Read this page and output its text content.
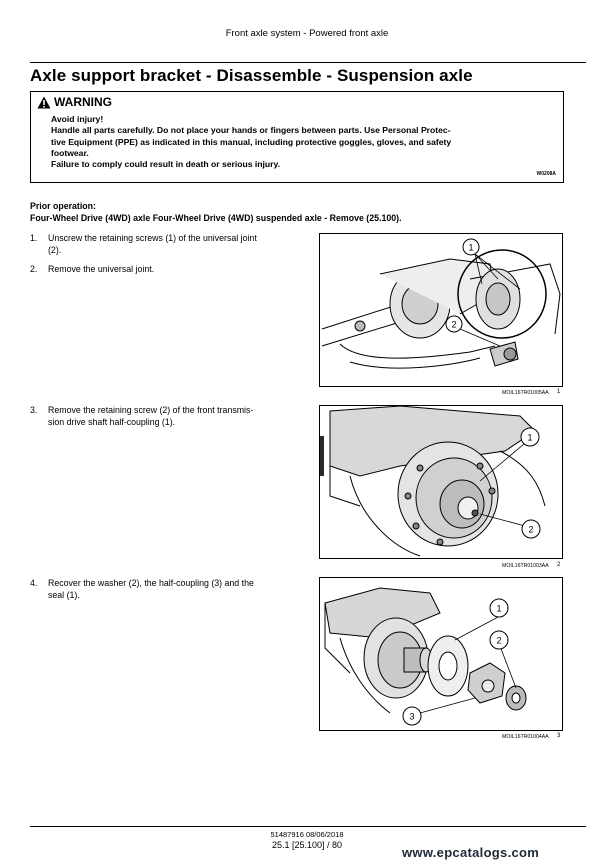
Front axle system - Powered front axle
Axle support bracket - Disassemble - Suspension axle
WARNING
Avoid injury!
Handle all parts carefully. Do not place your hands or fingers between parts. Use Personal Protec-
tive Equipment (PPE) as indicated in this manual, including protective goggles, gloves, and safety
footwear.
Failure to comply could result in death or serious injury.
W0208A
Prior operation:
Four-Wheel Drive (4WD) axle Four-Wheel Drive (4WD) suspended axle - Remove (25.100).
1. Unscrew the retaining screws (1) of the universal joint
(2).
2. Remove the universal joint.
3. Remove the retaining screw (2) of the front transmis-
sion drive shaft half-coupling (1).
4. Recover the washer (2), the half-coupling (3) and the
seal (1).
1
2
MOIL16TR01005AA 1
1
2
MOIL16TR01003AA 2
1
2
3
MOIL16TR01004AA 3
51487916 08/06/2018
25.1 [25.100] / 80	www.epcatalogs.com
